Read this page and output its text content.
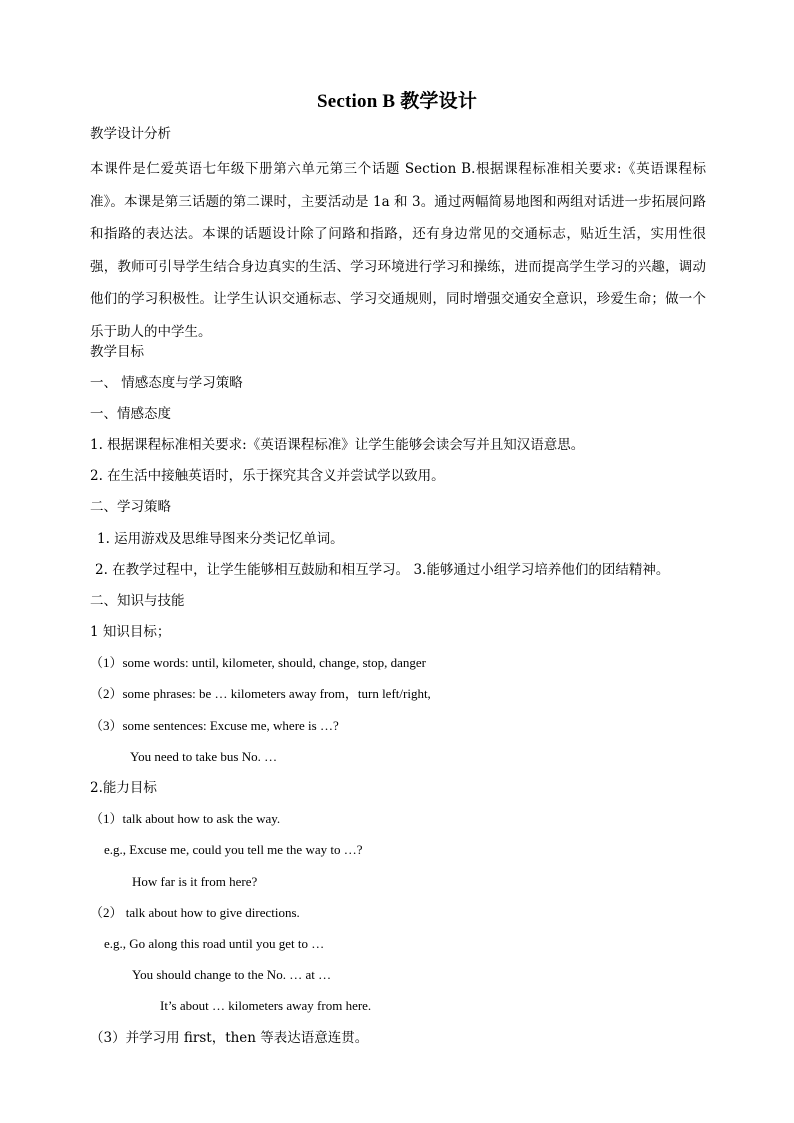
Section B 教学设计
教学设计分析
本课件是仁爱英语七年级下册第六单元第三个话题 Section B.根据课程标准相关要求:《英语课程标准》。本课是第三话题的第二课时，主要活动是 1a 和 3。通过两幅简易地图和两组对话进一步拓展问路和指路的表达法。本课的话题设计除了问路和指路，还有身边常见的交通标志，贴近生活，实用性很强，教师可引导学生结合身边真实的生活、学习环境进行学习和操练，进而提高学生学习的兴趣，调动他们的学习积极性。让学生认识交通标志、学习交通规则，同时增强交通安全意识，珍爱生命；做一个乐于助人的中学生。
教学目标
一、 情感态度与学习策略
一、情感态度
1. 根据课程标准相关要求:《英语课程标准》让学生能够会读会写并且知汉语意思。
2. 在生活中接触英语时，乐于探究其含义并尝试学以致用。
二、学习策略
1. 运用游戏及思维导图来分类记忆单词。
2. 在教学过程中，让学生能够相互鼓励和相互学习。 3.能够通过小组学习培养他们的团结精神。
二、知识与技能
1 知识目标；
（1）some words: until, kilometer, should, change, stop, danger
（2）some phrases: be … kilometers away from，turn left/right,
（3）some sentences: Excuse me, where is …?
You need to take bus No. …
2.能力目标
（1）talk about how to ask the way.
e.g., Excuse me, could you tell me the way to …?
How far is it from here?
（2） talk about how to give directions.
e.g., Go along this road until you get to …
You should change to the No. … at …
It’s about … kilometers away from here.
（3）并学习用 first，then 等表达语意连贯。
